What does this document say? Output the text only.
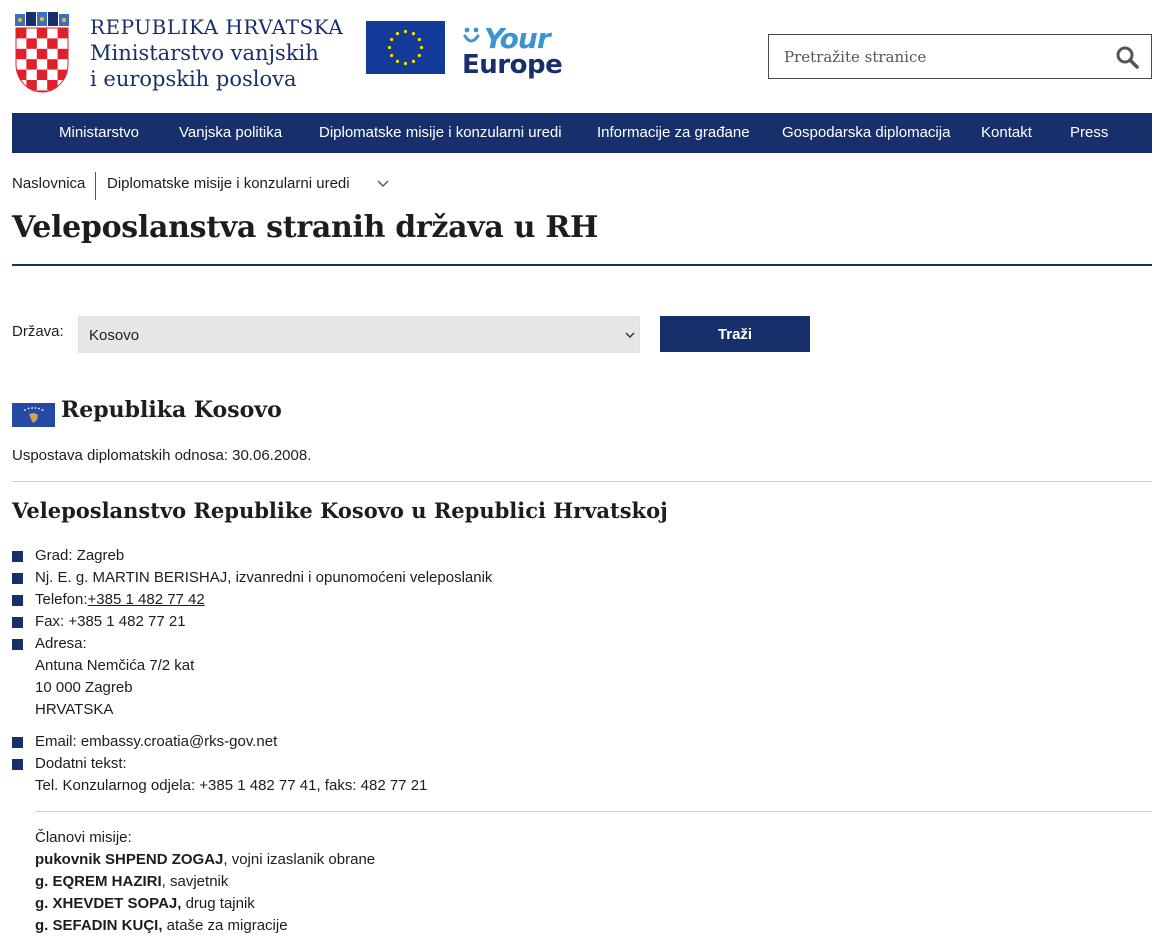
REPUBLIKA HRVATSKA
Ministarstvo vanjskih
i europskih poslova
Your
Europe
Pretražite stranice
Ministarstvo	Vanjska politika Diplomatske misije i konzularni uredi Informacije za građane Gospodarska diplomacija Kontakt	Press
Naslovnica Diplomatske misije i konzularni uredi
Veleposlanstva stranih država u RH
Država: Kosovo	Traži
Republika Kosovo

Uspostava diplomatskih odnosa: 30.06.2008.

Veleposlanstvo Republike Kosovo u Republici Hrvatskoj
Grad: Zagreb
Nj. E. g. MARTIN BERISHAJ, izvanredni i opunomoćeni veleposlanik
Telefon:+385 1 482 77 42
Fax: +385 1 482 77 21
Adresa:
Antuna Nemčića 7/2 kat
10 000 Zagreb
HRVATSKA
Email: embassy.croatia@rks-gov.net
Dodatni tekst:
Tel. Konzularnog odjela: +385 1 482 77 41, faks: 482 77 21
Članovi misije:
pukovnik SHPEND ZOGAJ, vojni izaslanik obrane
g. EQREM HAZIRI, savjetnik
g. XHEVDET SOPAJ, drug tajnik
g. SEFADIN KUÇI, ataše za migracije
